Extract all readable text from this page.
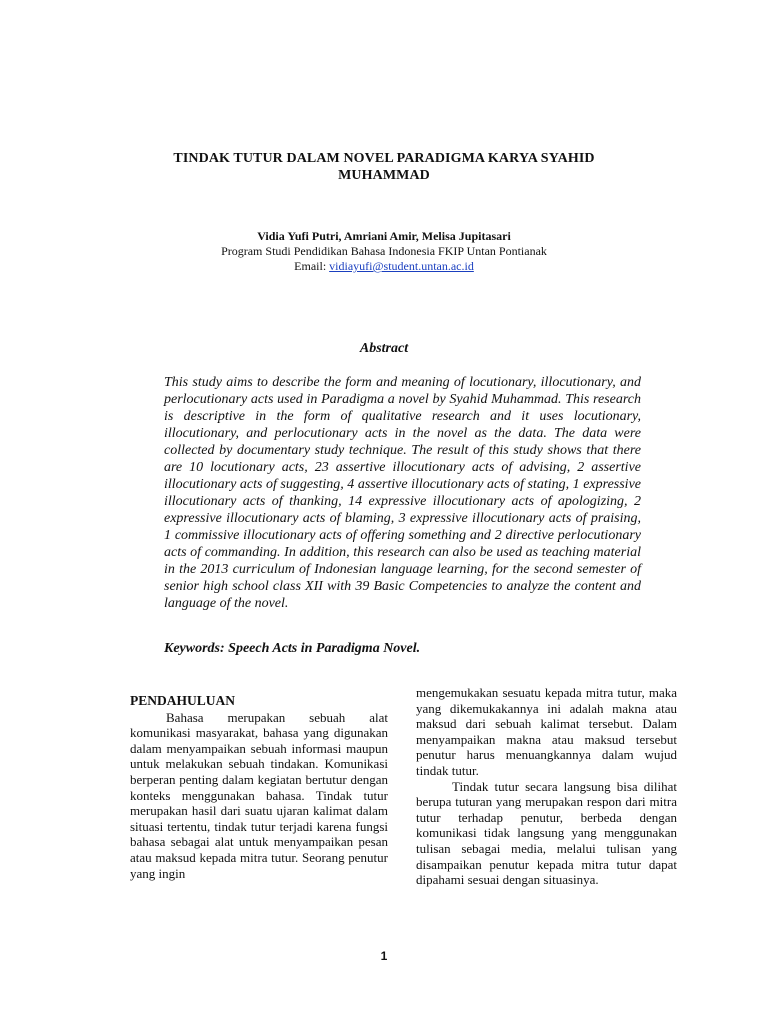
TINDAK TUTUR DALAM NOVEL PARADIGMA KARYA SYAHID MUHAMMAD
Vidia Yufi Putri, Amriani Amir, Melisa Jupitasari
Program Studi Pendidikan Bahasa Indonesia FKIP Untan Pontianak
Email: vidiayufi@student.untan.ac.id
Abstract

This study aims to describe the form and meaning of locutionary, illocutionary, and perlocutionary acts used in Paradigma a novel by Syahid Muhammad. This research is descriptive in the form of qualitative research and it uses locutionary, illocutionary, and perlocutionary acts in the novel as the data. The data were collected by documentary study technique. The result of this study shows that there are 10 locutionary acts, 23 assertive illocutionary acts of advising, 2 assertive illocutionary acts of suggesting, 4 assertive illocutionary acts of stating, 1 expressive illocutionary acts of thanking, 14 expressive illocutionary acts of apologizing, 2 expressive illocutionary acts of blaming, 3 expressive illocutionary acts of praising, 1 commissive illocutionary acts of offering something and 2 directive perlocutionary acts of commanding. In addition, this research can also be used as teaching material in the 2013 curriculum of Indonesian language learning, for the second semester of senior high school class XII with 39 Basic Competencies to analyze the content and language of the novel.

Keywords: Speech Acts in Paradigma Novel.
PENDAHULUAN

Bahasa merupakan sebuah alat komunikasi masyarakat, bahasa yang digunakan dalam menyampaikan sebuah informasi maupun untuk melakukan sebuah tindakan. Komunikasi berperan penting dalam kegiatan bertutur dengan konteks menggunakan bahasa. Tindak tutur merupakan hasil dari suatu ujaran kalimat dalam situasi tertentu, tindak tutur terjadi karena fungsi bahasa sebagai alat untuk menyampaikan pesan atau maksud kepada mitra tutur. Seorang penutur yang ingin

mengemukakan sesuatu kepada mitra tutur, maka yang dikemukakannya ini adalah makna atau maksud dari sebuah kalimat tersebut. Dalam menyampaikan makna atau maksud tersebut penutur harus menuangkannya dalam wujud tindak tutur.

Tindak tutur secara langsung bisa dilihat berupa tuturan yang merupakan respon dari mitra tutur terhadap penutur, berbeda dengan komunikasi tidak langsung yang menggunakan tulisan sebagai media, melalui tulisan yang disampaikan penutur kepada mitra tutur dapat dipahami sesuai dengan situasinya.

1
